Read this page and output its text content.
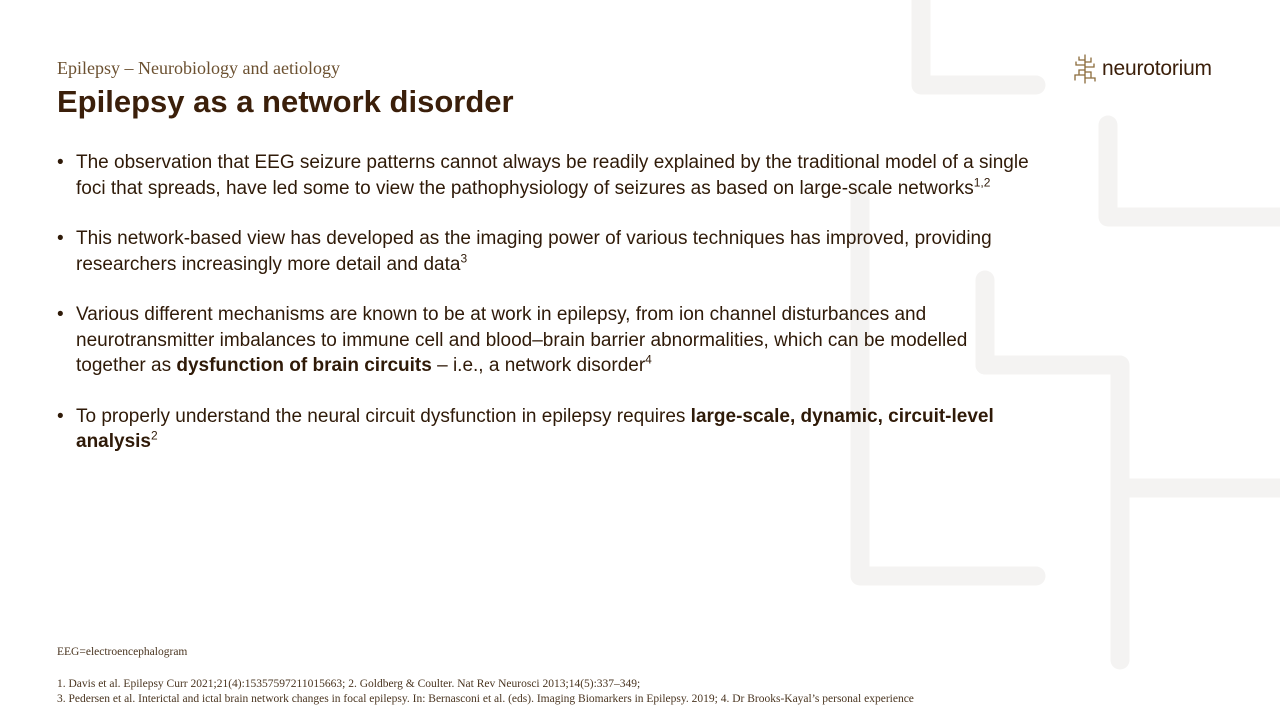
Epilepsy – Neurobiology and aetiology
Epilepsy as a network disorder
neurotorium
• The observation that EEG seizure patterns cannot always be readily explained by the traditional model of a single foci that spreads, have led some to view the pathophysiology of seizures as based on large-scale networks$^{1,2}$
• This network-based view has developed as the imaging power of various techniques has improved, providing researchers increasingly more detail and data$^3$
• Various different mechanisms are known to be at work in epilepsy, from ion channel disturbances and neurotransmitter imbalances to immune cell and blood–brain barrier abnormalities, which can be modelled together as dysfunction of brain circuits – i.e., a network disorder$^4$
• To properly understand the neural circuit dysfunction in epilepsy requires large-scale, dynamic, circuit-level analysis$^2$
EEG=electroencephalogram
1. Davis et al. Epilepsy Curr 2021;21(4):15357597211015663; 2. Goldberg & Coulter. Nat Rev Neurosci 2013;14(5):337–349;
3. Pedersen et al. Interictal and ictal brain network changes in focal epilepsy. In: Bernasconi et al. (eds). Imaging Biomarkers in Epilepsy. 2019; 4. Dr Brooks-Kayal’s personal experience
